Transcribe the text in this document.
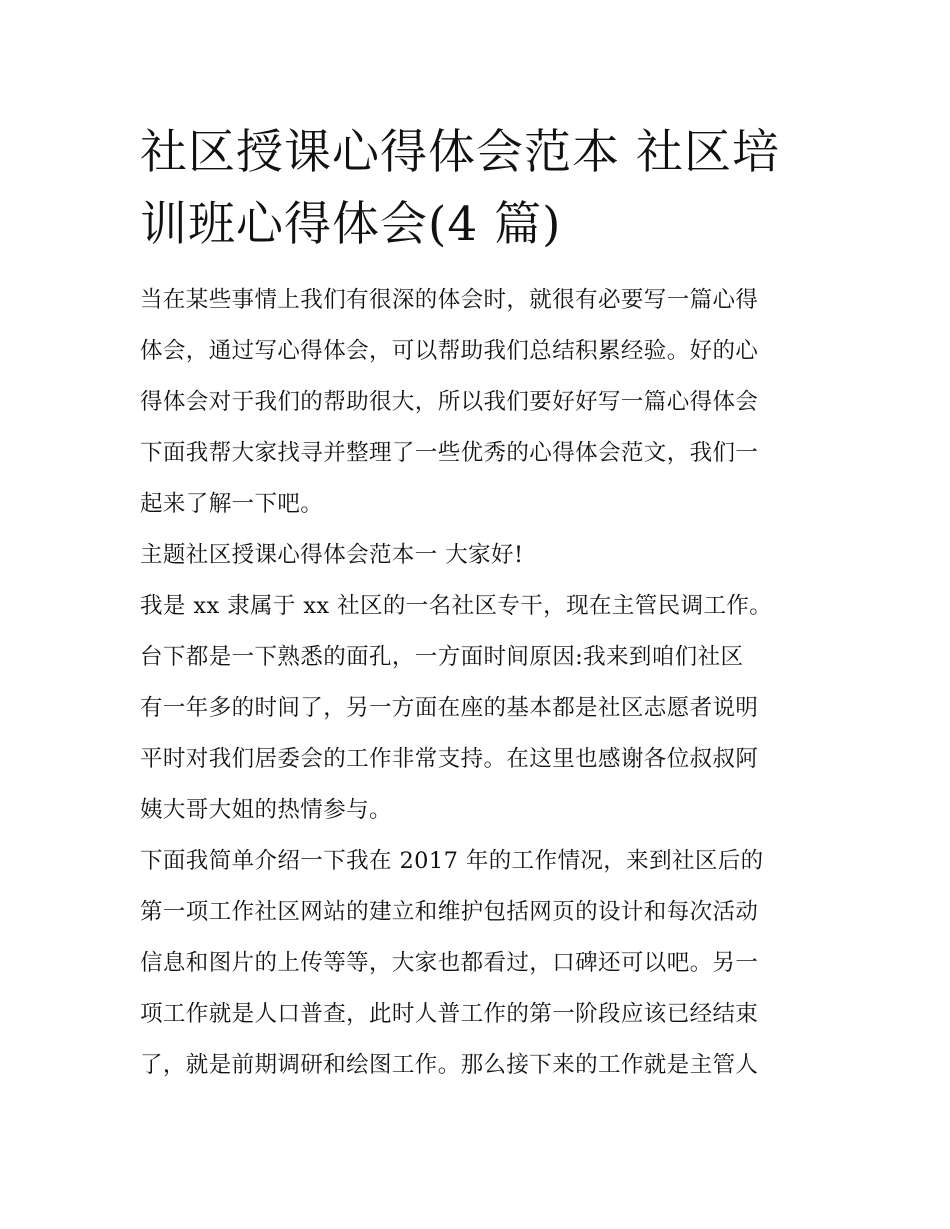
社区授课心得体会范本 社区培
训班心得体会(4 篇)
当在某些事情上我们有很深的体会时，就很有必要写一篇心得
体会，通过写心得体会，可以帮助我们总结积累经验。好的心
得体会对于我们的帮助很大，所以我们要好好写一篇心得体会
下面我帮大家找寻并整理了一些优秀的心得体会范文，我们一
起来了解一下吧。
主题社区授课心得体会范本一 大家好!
我是 xx 隶属于 xx 社区的一名社区专干，现在主管民调工作。
台下都是一下熟悉的面孔，一方面时间原因:我来到咱们社区
有一年多的时间了，另一方面在座的基本都是社区志愿者说明
平时对我们居委会的工作非常支持。在这里也感谢各位叔叔阿
姨大哥大姐的热情参与。
下面我简单介绍一下我在 2017 年的工作情况，来到社区后的
第一项工作社区网站的建立和维护包括网页的设计和每次活动
信息和图片的上传等等，大家也都看过，口碑还可以吧。另一
项工作就是人口普查，此时人普工作的第一阶段应该已经结束
了，就是前期调研和绘图工作。那么接下来的工作就是主管人
